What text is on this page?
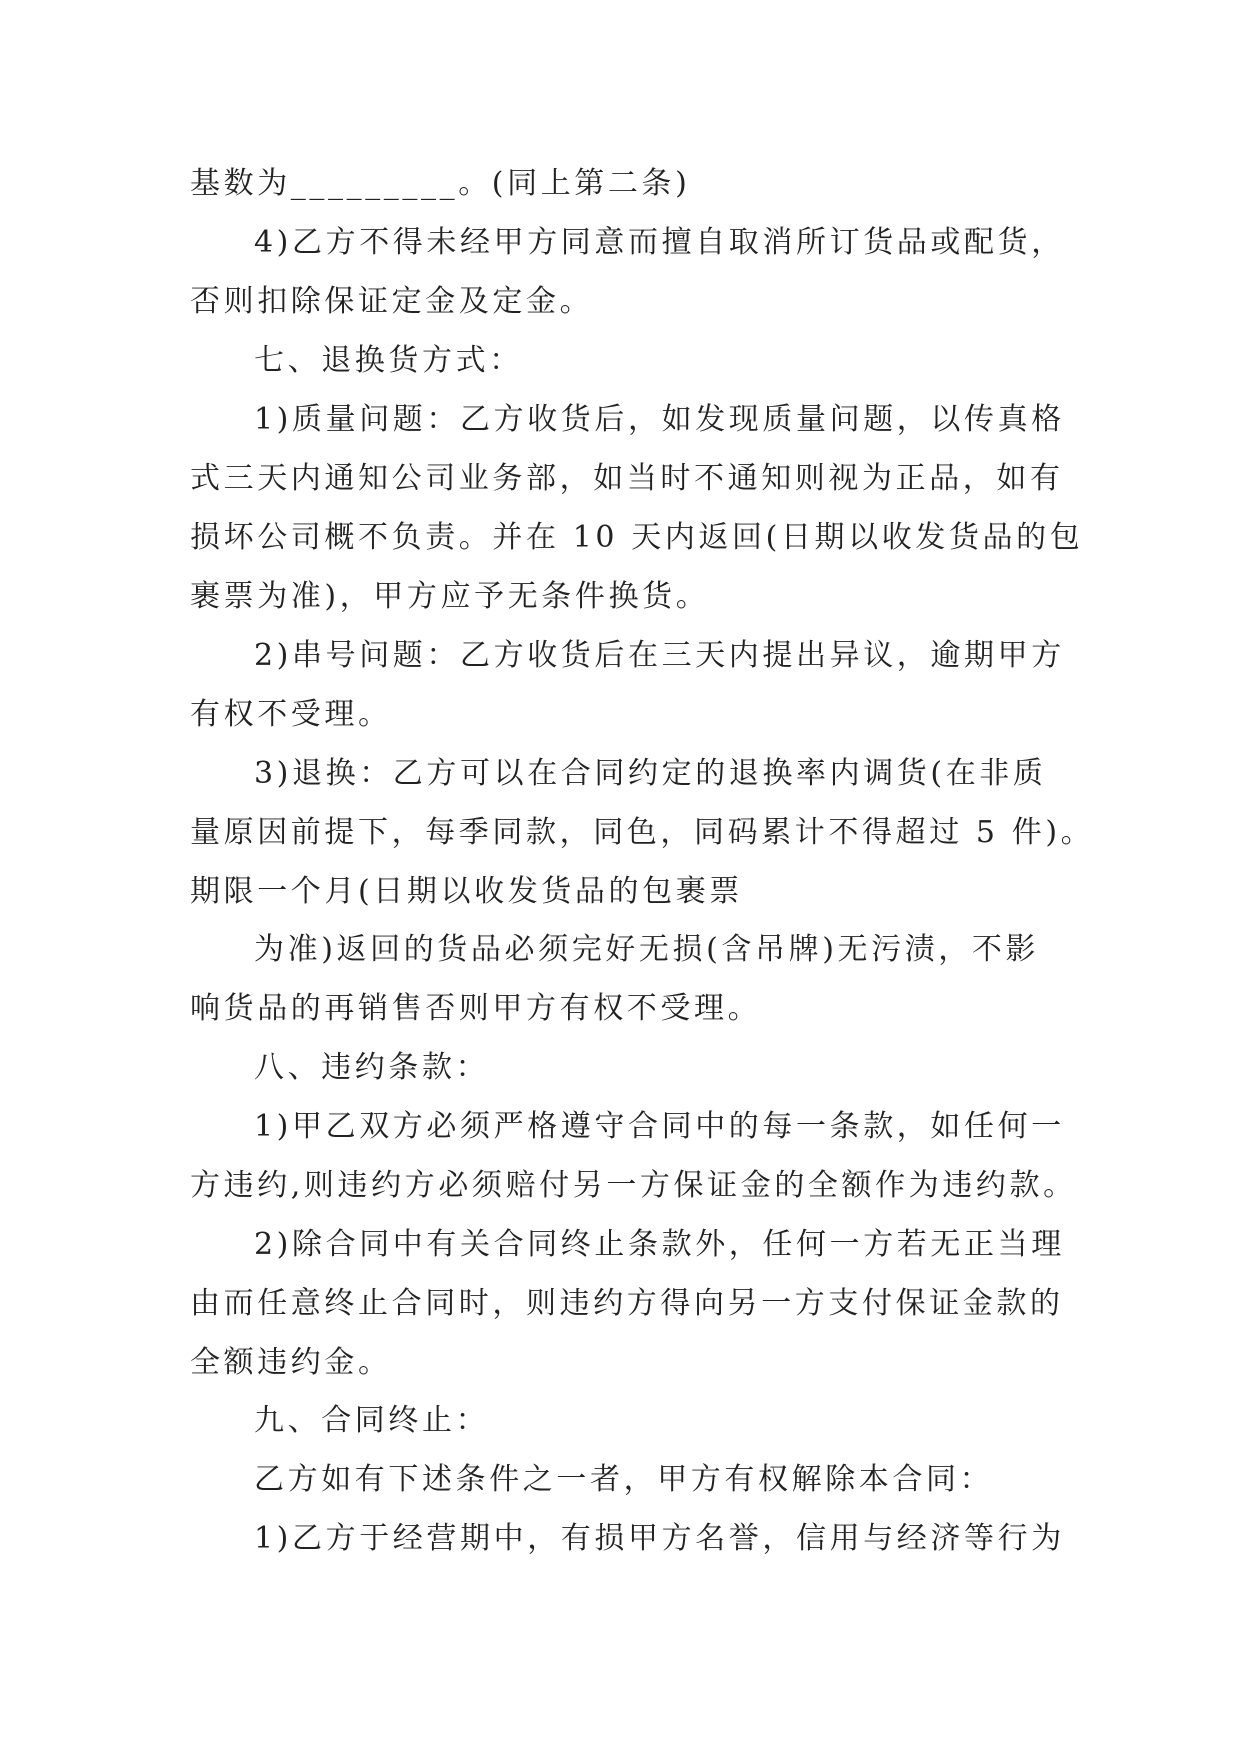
基数为_________。(同上第二条)
4)乙方不得未经甲方同意而擅自取消所订货品或配货，
否则扣除保证定金及定金。
七、退换货方式：
1)质量问题：乙方收货后，如发现质量问题，以传真格
式三天内通知公司业务部，如当时不通知则视为正品，如有
损坏公司概不负责。并在 10 天内返回(日期以收发货品的包
裹票为准)，甲方应予无条件换货。
2)串号问题：乙方收货后在三天内提出异议，逾期甲方
有权不受理。
3)退换：乙方可以在合同约定的退换率内调货(在非质
量原因前提下，每季同款，同色，同码累计不得超过 5 件)。
期限一个月(日期以收发货品的包裹票
为准)返回的货品必须完好无损(含吊牌)无污渍，不影
响货品的再销售否则甲方有权不受理。
八、违约条款：
1)甲乙双方必须严格遵守合同中的每一条款，如任何一
方违约,则违约方必须赔付另一方保证金的全额作为违约款。
2)除合同中有关合同终止条款外，任何一方若无正当理
由而任意终止合同时，则违约方得向另一方支付保证金款的
全额违约金。
九、合同终止：
乙方如有下述条件之一者，甲方有权解除本合同：
1)乙方于经营期中，有损甲方名誉，信用与经济等行为
